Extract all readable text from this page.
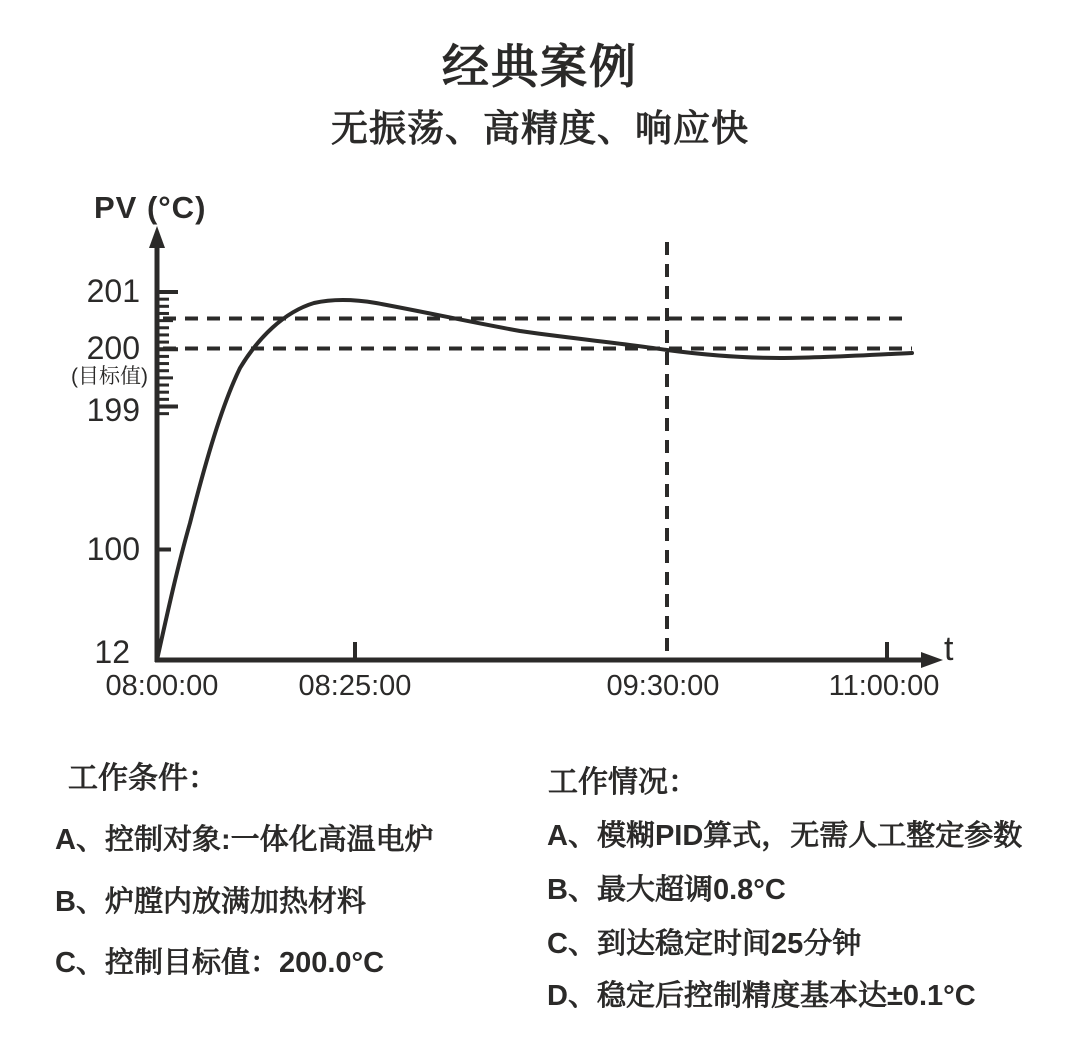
经典案例
无振荡、高精度、响应快
PV (°C)
201
200
(目标值)
199
100
12
08:00:00	08:25:00	09:30:00	11:00:00
t
工作条件：
A、控制对象:一体化高温电炉
B、炉膛内放满加热材料
C、控制目标值：200.0°C
工作情况：
A、模糊PID算式，无需人工整定参数
B、最大超调0.8°C
C、到达稳定时间25分钟
D、稳定后控制精度基本达±0.1°C
